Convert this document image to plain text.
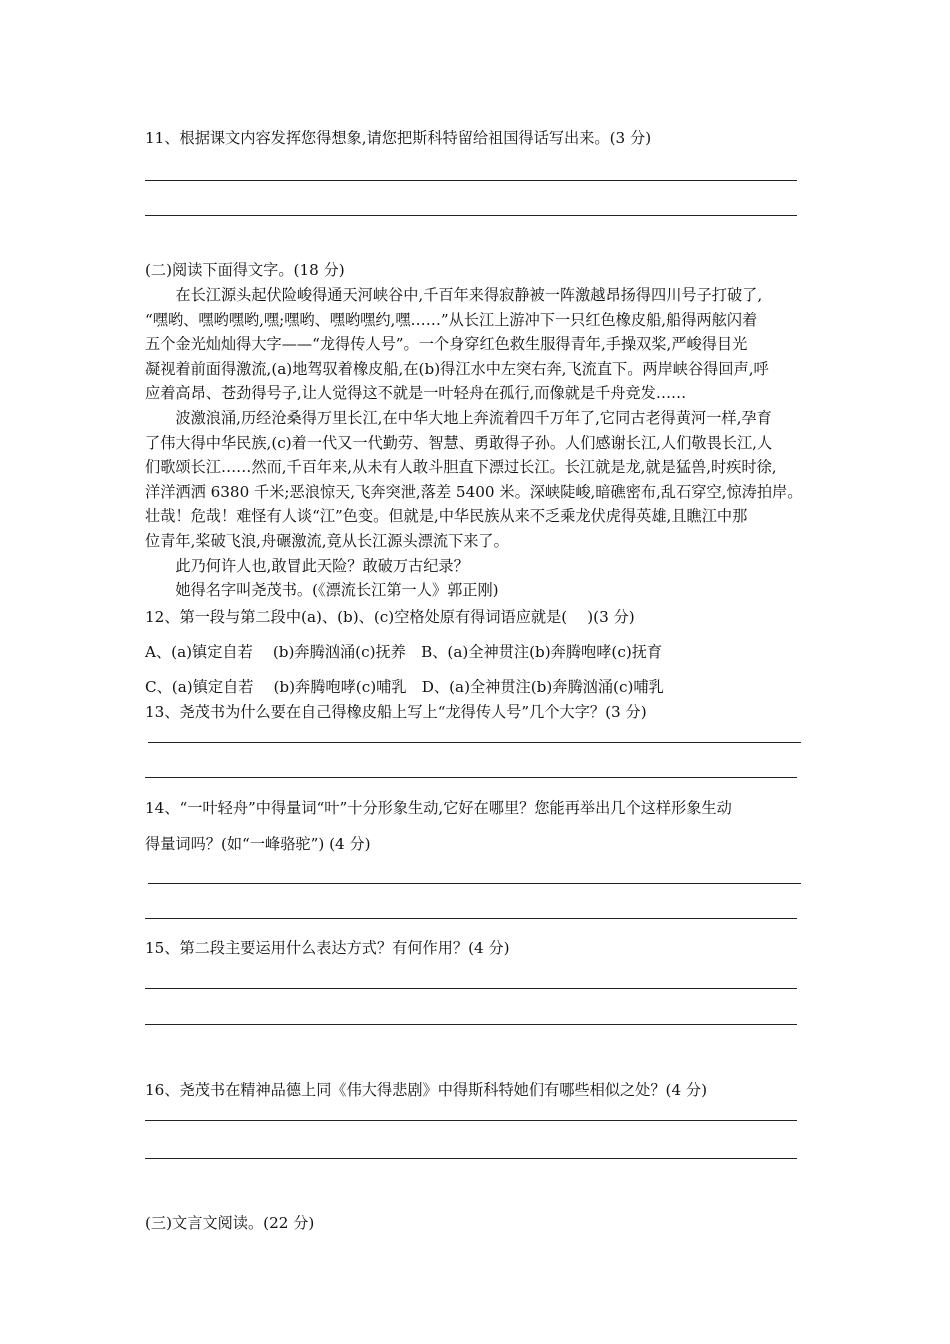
11、根据课文内容发挥您得想象,请您把斯科特留给祖国得话写出来。(3 分)
(二)阅读下面得文字。(18 分)
　　在长江源头起伏险峻得通天河峡谷中,千百年来得寂静被一阵激越昂扬得四川号子打破了,
“嘿哟、嘿哟嘿哟,嘿;嘿哟、嘿哟嘿约,嘿……”从长江上游冲下一只红色橡皮船,船得两舷闪着
五个金光灿灿得大字——“龙得传人号”。一个身穿红色救生服得青年,手操双桨,严峻得目光
凝视着前面得激流,(a)地驾驭着橡皮船,在(b)得江水中左突右奔,飞流直下。两岸峡谷得回声,呼
应着高昂、苍劲得号子,让人觉得这不就是一叶轻舟在孤行,而像就是千舟竞发……
　　波激浪涌,历经沧桑得万里长江,在中华大地上奔流着四千万年了,它同古老得黄河一样,孕育
了伟大得中华民族,(c)着一代又一代勤劳、智慧、勇敢得子孙。人们感谢长江,人们敬畏长江,人
们歌颂长江……然而,千百年来,从未有人敢斗胆直下漂过长江。长江就是龙,就是猛兽,时疾时徐,
洋洋洒洒 6380 千米;恶浪惊天,飞奔突泄,落差 5400 米。深峡陡峻,暗礁密布,乱石穿空,惊涛拍岸。
壮哉！危哉！难怪有人谈“江”色变。但就是,中华民族从来不乏乘龙伏虎得英雄,且瞧江中那
位青年,桨破飞浪,舟碾激流,竟从长江源头漂流下来了。
　　此乃何许人也,敢冒此天险？敢破万古纪录？
　　她得名字叫尧茂书。(《漂流长江第一人》郭正刚)
12、第一段与第二段中(a)、(b)、(c)空格处原有得词语应就是(　 )(3 分)
A、(a)镇定自若　 (b)奔腾汹涌(c)抚养　B、(a)全神贯注(b)奔腾咆哮(c)抚育
C、(a)镇定自若　 (b)奔腾咆哮(c)哺乳　D、(a)全神贯注(b)奔腾汹涌(c)哺乳
13、尧茂书为什么要在自己得橡皮船上写上“龙得传人号”几个大字？(3 分)
14、“一叶轻舟”中得量词“叶”十分形象生动,它好在哪里？您能再举出几个这样形象生动
得量词吗？(如“一峰骆驼”) (4 分)
15、第二段主要运用什么表达方式？有何作用？(4 分)
16、尧茂书在精神品德上同《伟大得悲剧》中得斯科特她们有哪些相似之处？(4 分)
(三)文言文阅读。(22 分)
